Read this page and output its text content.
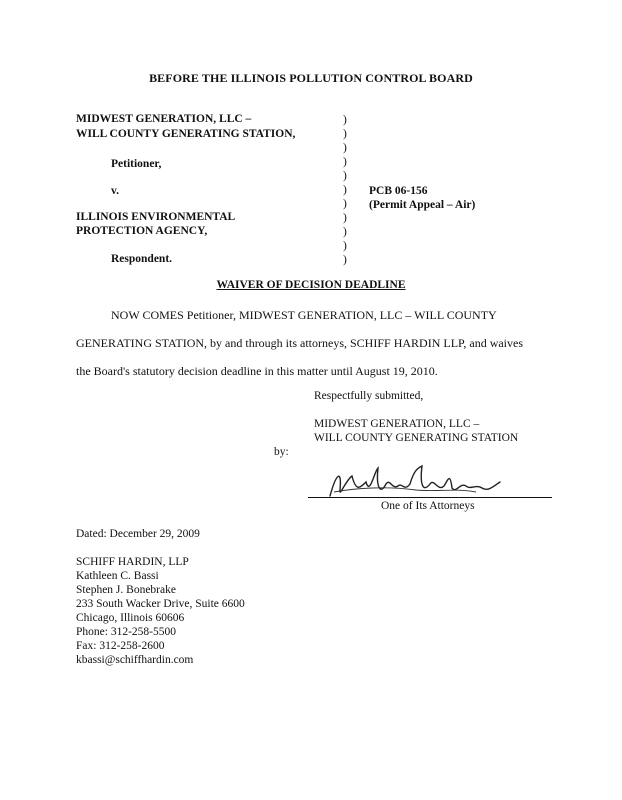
BEFORE THE ILLINOIS POLLUTION CONTROL BOARD
MIDWEST GENERATION, LLC –
WILL COUNTY GENERATING STATION,
Petitioner,
v.
ILLINOIS ENVIRONMENTAL
PROTECTION AGENCY,
Respondent.
)
)
)
)
)
)
)
)
)
)
)
PCB 06-156
(Permit Appeal – Air)
WAIVER OF DECISION DEADLINE
NOW COMES Petitioner, MIDWEST GENERATION, LLC – WILL COUNTY
GENERATING STATION, by and through its attorneys, SCHIFF HARDIN LLP, and waives
the Board's statutory decision deadline in this matter until August 19, 2010.
Respectfully submitted,
MIDWEST GENERATION, LLC –
WILL COUNTY GENERATING STATION
by:
One of Its Attorneys
Dated: December 29, 2009
SCHIFF HARDIN, LLP
Kathleen C. Bassi
Stephen J. Bonebrake
233 South Wacker Drive, Suite 6600
Chicago, Illinois 60606
Phone: 312-258-5500
Fax: 312-258-2600
kbassi@schiffhardin.com
